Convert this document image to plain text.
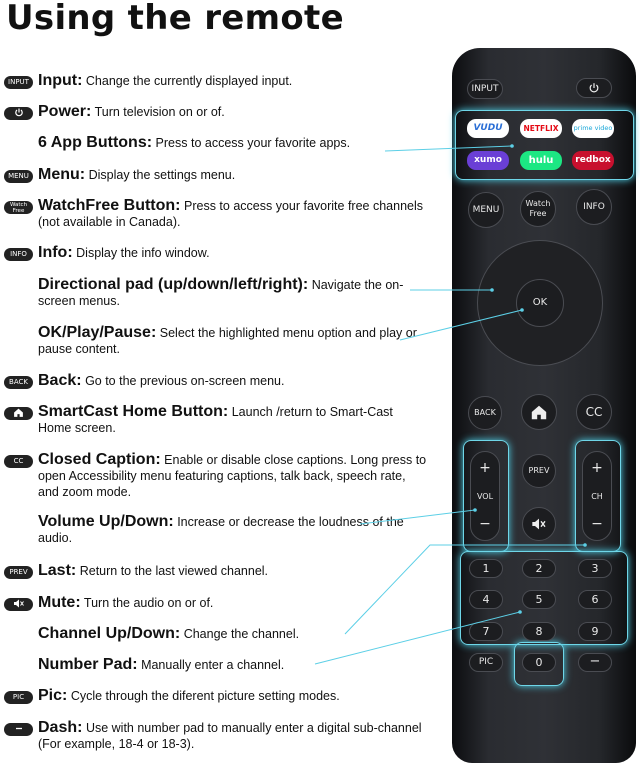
Using the remote
INPUT Input: Change the currently displayed input.
Power: Turn television on or of.
6 App Buttons: Press to access your favorite apps.
MENU Menu: Display the settings menu.
Watch Free WatchFree Button: Press to access your favorite free channels (not available in Canada).
INFO Info: Display the info window.
Directional pad (up/down/left/right): Navigate the on-screen menus.
OK/Play/Pause: Select the highlighted menu option and play or pause content.
BACK Back: Go to the previous on-screen menu.
SmartCast Home Button: Launch /return to Smart-Cast Home screen.
CC Closed Caption: Enable or disable close captions. Long press to open Accessibility menu featuring captions, talk back, speech rate, and zoom mode.
Volume Up/Down: Increase or decrease the loudness of the audio.
PREV Last: Return to the last viewed channel.
Mute: Turn the audio on or of.
Channel Up/Down: Change the channel.
Number Pad: Manually enter a channel.
PIC Pic: Cycle through the diferent picture setting modes.
Dash: Use with number pad to manually enter a digital sub-channel (For example, 18-4 or 18-3).
INPUT
VUDU	NETFLIX	prime video
xumo	hulu	redbox
MENU
Watch Free
INFO
OK
BACK	CC
+
VOL
−
+
CH
−
PREV
1	2	3
4	5	6
7	8	9
PIC	0	−
